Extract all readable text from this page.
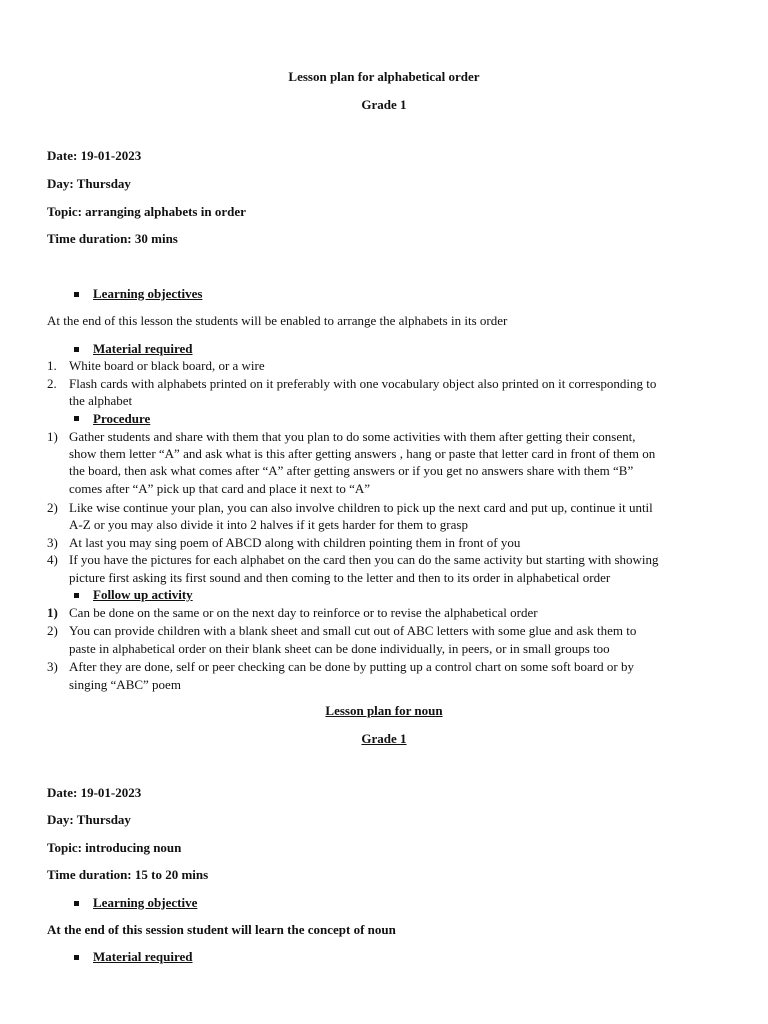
Lesson plan for alphabetical order
Grade 1
Date: 19-01-2023
Day: Thursday
Topic: arranging alphabets in order
Time duration: 30 mins
Learning objectives
At the end of this lesson the students will be enabled to arrange the alphabets in its order
Material required
1. White board or black board, or a wire
2. Flash cards with alphabets printed on it preferably with one vocabulary object also printed on it corresponding to
the alphabet
Procedure
1) Gather students and share with them that you plan to do some activities with them after getting their consent,
show them letter “A” and ask what is this after getting answers , hang or paste that letter card in front of them on
the board, then ask what comes after “A” after getting answers or if you get no answers share with them “B”
comes after “A” pick up that card and place it next to “A”
2) Like wise continue your plan, you can also involve children to pick up the next card and put up, continue it until
A-Z or you may also divide it into 2 halves if it gets harder for them to grasp
3) At last you may sing poem of ABCD along with children pointing them in front of you
4) If you have the pictures for each alphabet on the card then you can do the same activity but starting with showing
picture first asking its first sound and then coming to the letter and then to its order in alphabetical order
Follow up activity
1) Can be done on the same or on the next day to reinforce or to revise the alphabetical order
2) You can provide children with a blank sheet and small cut out of ABC letters with some glue and ask them to
paste in alphabetical order on their blank sheet can be done individually, in peers, or in small groups too
3) After they are done, self or peer checking can be done by putting up a control chart on some soft board or by
singing “ABC” poem
Lesson plan for noun
Grade 1
Date: 19-01-2023
Day: Thursday
Topic: introducing noun
Time duration: 15 to 20 mins
Learning objective
At the end of this session student will learn the concept of noun
Material required
